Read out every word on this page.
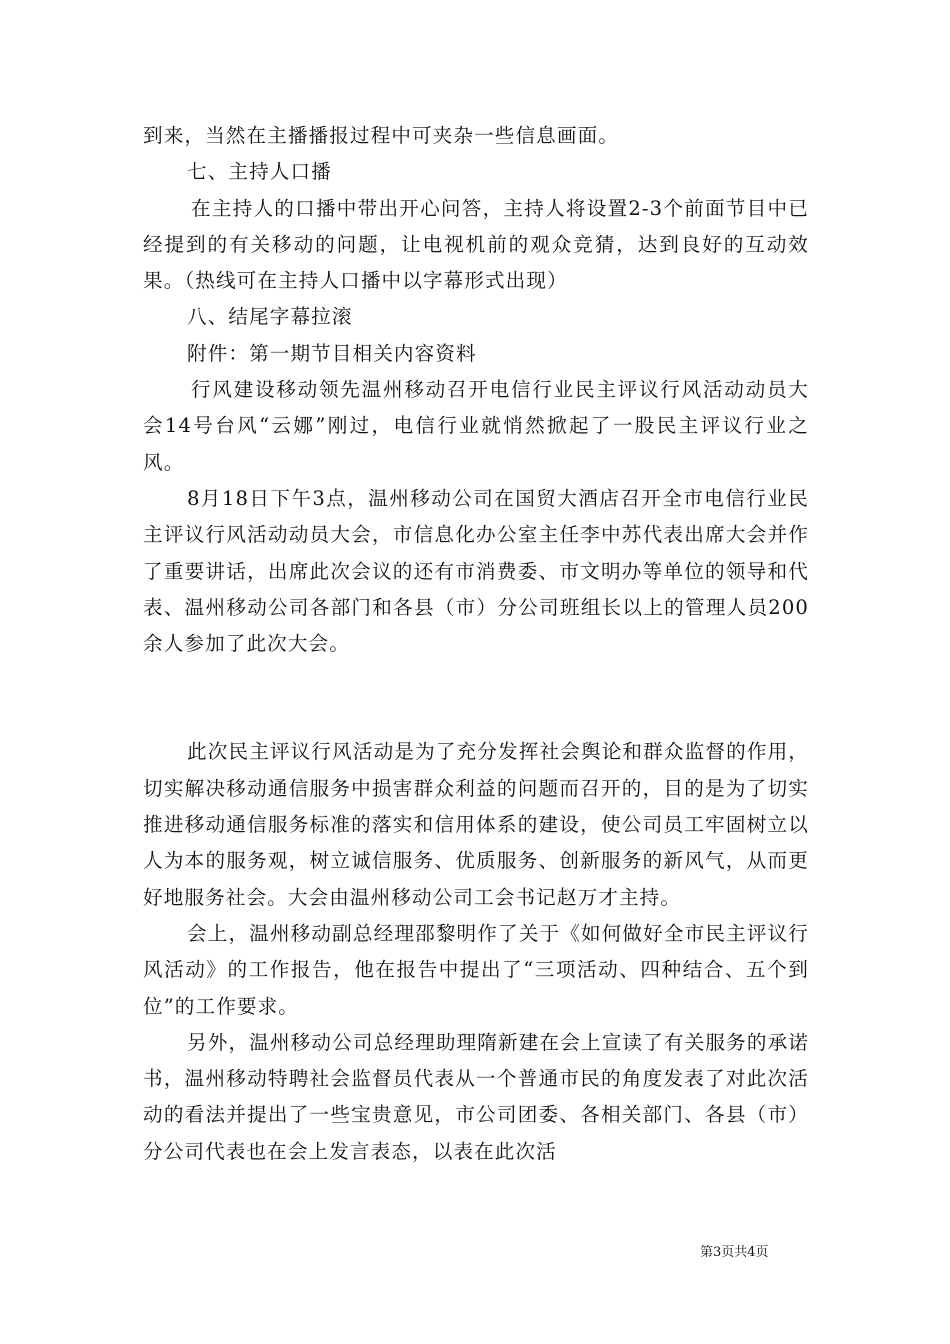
到来，当然在主播播报过程中可夹杂一些信息画面。

七、主持人口播

在主持人的口播中带出开心问答，主持人将设置2-3个前面节目中已经提到的有关移动的问题，让电视机前的观众竞猜，达到良好的互动效果。（热线可在主持人口播中以字幕形式出现）

八、结尾字幕拉滚

附件：第一期节目相关内容资料

行风建设移动领先温州移动召开电信行业民主评议行风活动动员大会14号台风“云娜”刚过，电信行业就悄然掀起了一股民主评议行业之风。

8月18日下午3点，温州移动公司在国贸大酒店召开全市电信行业民主评议行风活动动员大会，市信息化办公室主任李中苏代表出席大会并作了重要讲话，出席此次会议的还有市消费委、市文明办等单位的领导和代表、温州移动公司各部门和各县（市）分公司班组长以上的管理人员200余人参加了此次大会。

此次民主评议行风活动是为了充分发挥社会舆论和群众监督的作用，切实解决移动通信服务中损害群众利益的问题而召开的，目的是为了切实推进移动通信服务标准的落实和信用体系的建设，使公司员工牢固树立以人为本的服务观，树立诚信服务、优质服务、创新服务的新风气，从而更好地服务社会。大会由温州移动公司工会书记赵万才主持。

会上，温州移动副总经理邵黎明作了关于《如何做好全市民主评议行风活动》的工作报告，他在报告中提出了“三项活动、四种结合、五个到位”的工作要求。

另外，温州移动公司总经理助理隋新建在会上宣读了有关服务的承诺书，温州移动特聘社会监督员代表从一个普通市民的角度发表了对此次活动的看法并提出了一些宝贵意见，市公司团委、各相关部门、各县（市）分公司代表也在会上发言表态，以表在此次活

第3页共4页
